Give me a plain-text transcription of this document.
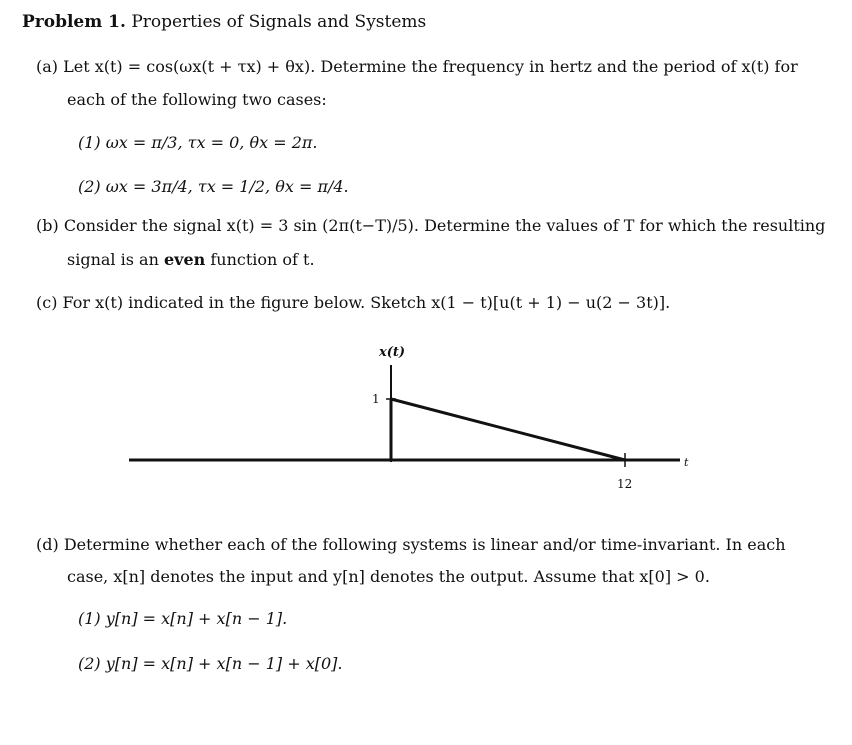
Problem 1. Properties of Signals and Systems
(a) Let x(t) = cos(ωx(t + τx) + θx). Determine the frequency in hertz and the period of x(t) for
each of the following two cases:
(1) ωx = π/3, τx = 0, θx = 2π.
(2) ωx = 3π/4, τx = 1/2, θx = π/4.
(b) Consider the signal x(t) = 3 sin (2π(t−T)/5). Determine the values of T for which the resulting
signal is an even function of t.
(c) For x(t) indicated in the figure below. Sketch x(1 − t)[u(t + 1) − u(2 − 3t)].
1
x(t)
12
t
(d) Determine whether each of the following systems is linear and/or time-invariant. In each
case, x[n] denotes the input and y[n] denotes the output. Assume that x[0] > 0.
(1) y[n] = x[n] + x[n − 1].
(2) y[n] = x[n] + x[n − 1] + x[0].
